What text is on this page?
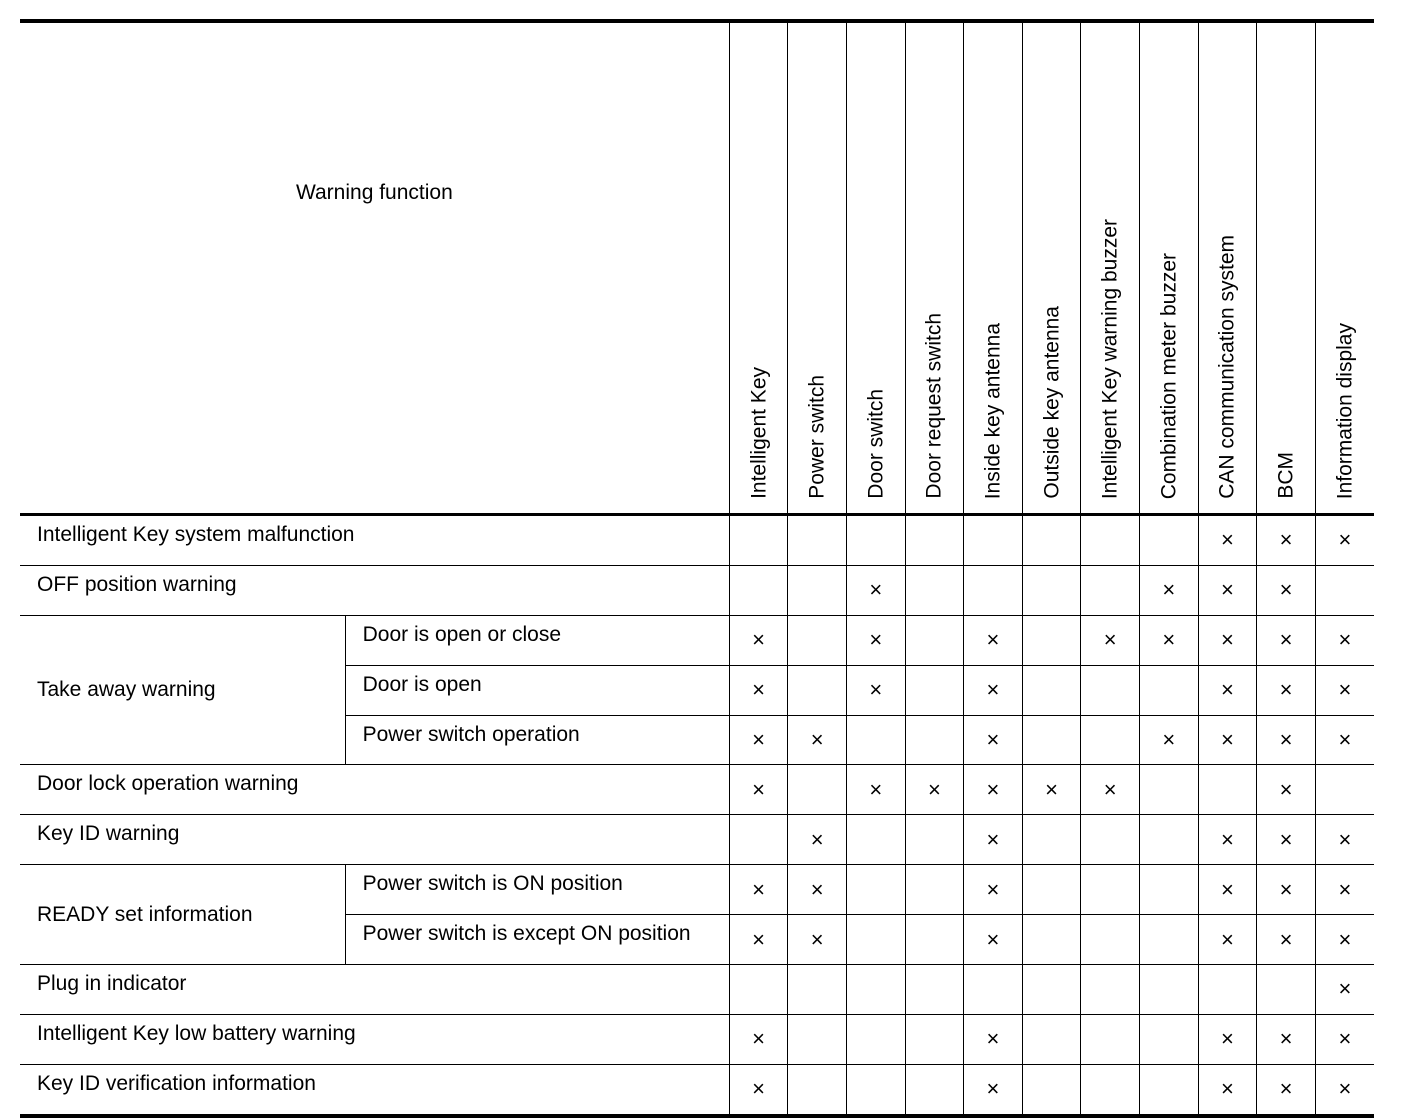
Warning function		Intelligent Key	Power switch	Door switch	Door request switch	Inside key antenna	Outside key antenna	Intelligent Key warning buzzer	Combination meter buzzer	CAN communication system	BCM	Information display

Intelligent Key system malfunction										×	×	×
OFF position warning				×					×	×	×	
Take away warning	Door is open or close	×		×		×		×	×	×	×	×
	Door is open	×		×		×				×	×	×
	Power switch operation	×	×			×			×	×	×	×
Door lock operation warning		×		×	×	×	×	×			×	
Key ID warning			×			×				×	×	×
READY set information	Power switch is ON position	×	×			×				×	×	×
	Power switch is except ON position	×	×			×				×	×	×
Plug in indicator												×
Intelligent Key low battery warning		×				×				×	×	×
Key ID verification information		×				×				×	×	×
